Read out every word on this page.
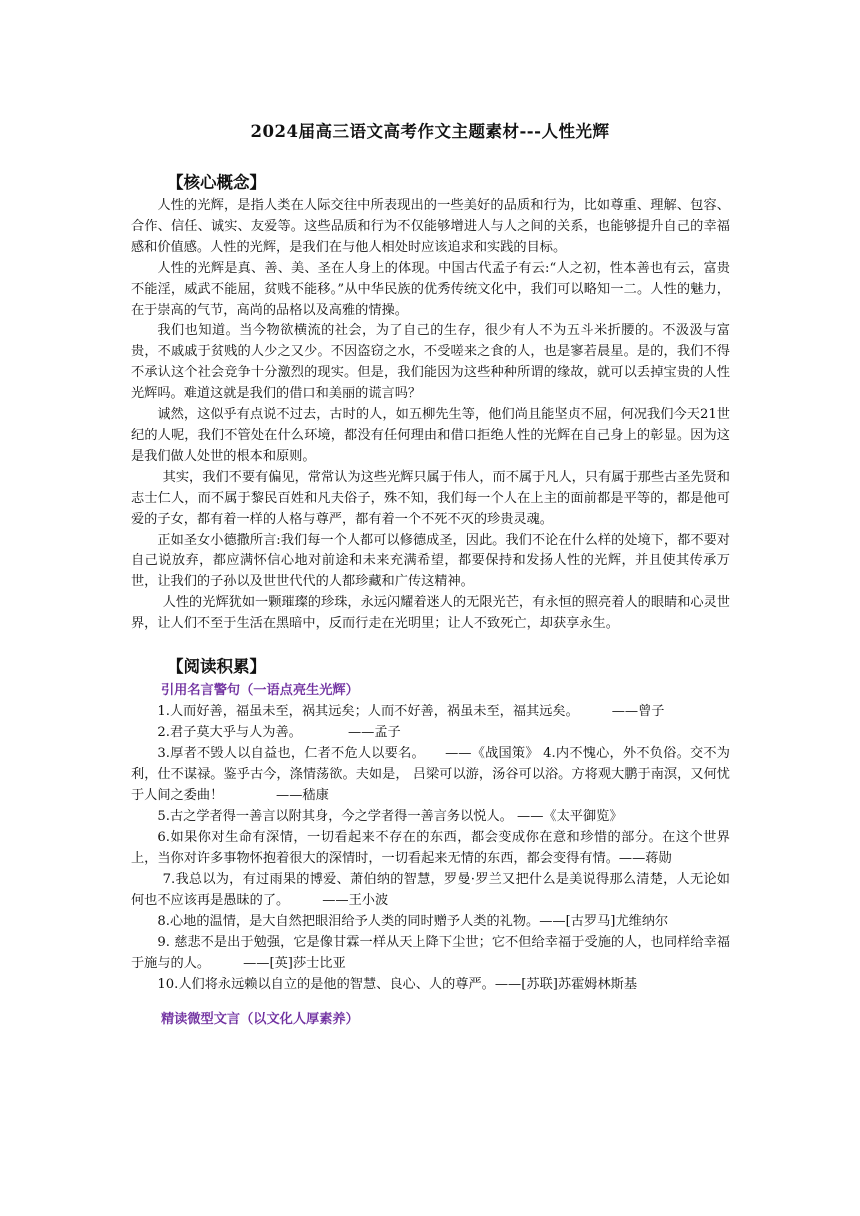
2024届高三语文高考作文主题素材---人性光辉
【核心概念】

人性的光辉，是指人类在人际交往中所表现出的一些美好的品质和行为，比如尊重、理解、包容、合作、信任、诚实、友爱等。这些品质和行为不仅能够增进人与人之间的关系，也能够提升自己的幸福感和价值感。人性的光辉，是我们在与他人相处时应该追求和实践的目标。

人性的光辉是真、善、美、圣在人身上的体现。中国古代孟子有云:“人之初，性本善也有云，富贵不能淫，威武不能屈，贫贱不能移。”从中华民族的优秀传统文化中，我们可以略知一二。人性的魅力，在于崇高的气节，高尚的品格以及高雅的情操。

我们也知道。当今物欲横流的社会，为了自己的生存，很少有人不为五斗米折腰的。不汲汲与富贵，不戚戚于贫贱的人少之又少。不因盗窃之水，不受嗟来之食的人，也是寥若晨星。是的，我们不得不承认这个社会竞争十分激烈的现实。但是，我们能因为这些种种所谓的缘故，就可以丢掉宝贵的人性光辉吗。难道这就是我们的借口和美丽的谎言吗？

诚然，这似乎有点说不过去，古时的人，如五柳先生等，他们尚且能坚贞不屈，何况我们今天21世纪的人呢，我们不管处在什么环境，都没有任何理由和借口拒绝人性的光辉在自己身上的彰显。因为这是我们做人处世的根本和原则。

其实，我们不要有偏见，常常认为这些光辉只属于伟人，而不属于凡人，只有属于那些古圣先贤和志士仁人，而不属于黎民百姓和凡夫俗子，殊不知，我们每一个人在上主的面前都是平等的，都是他可爱的子女，都有着一样的人格与尊严，都有着一个不死不灭的珍贵灵魂。

正如圣女小德撒所言:我们每一个人都可以修德成圣，因此。我们不论在什么样的处境下，都不要对自己说放弃，都应满怀信心地对前途和未来充满希望，都要保持和发扬人性的光辉，并且使其传承万世，让我们的子孙以及世世代代的人都珍藏和广传这精神。

人性的光辉犹如一颗璀璨的珍珠，永远闪耀着迷人的无限光芒，有永恒的照亮着人的眼睛和心灵世界，让人们不至于生活在黑暗中，反而行走在光明里；让人不致死亡，却获享永生。

【阅读积累】
引用名言警句（一语点亮生光辉）

1.人而好善，福虽未至，祸其远矣；人而不好善，祸虽未至，福其远矣。　　　——曾子

2.君子莫大乎与人为善。　　　　——孟子

3.厚者不毁人以自益也，仁者不危人以要名。　　——《战国策》 4.内不愧心，外不负俗。交不为利，仕不谋禄。鉴乎古今，涤情荡欲。夫如是， 吕梁可以游，汤谷可以浴。方将观大鹏于南溟，又何忧于人间之委曲！　　　　——嵇康

5.古之学者得一善言以附其身，今之学者得一善言务以悦人。 ——《太平御览》

6.如果你对生命有深情，一切看起来不存在的东西，都会变成你在意和珍惜的部分。在这个世界上，当你对许多事物怀抱着很大的深情时，一切看起来无情的东西，都会变得有情。——蒋勋

7.我总以为，有过雨果的博爱、萧伯纳的智慧，罗曼·罗兰又把什么是美说得那么清楚，人无论如何也不应该再是愚昧的了。　　　——王小波

8.心地的温情，是大自然把眼泪给予人类的同时赠予人类的礼物。——[古罗马]尤维纳尔

9. 慈悲不是出于勉强，它是像甘霖一样从天上降下尘世；它不但给幸福于受施的人，也同样给幸福于施与的人。　　　——[英]莎士比亚

10.人们将永远赖以自立的是他的智慧、良心、人的尊严。——[苏联]苏霍姆林斯基

精读微型文言（以文化人厚素养）
